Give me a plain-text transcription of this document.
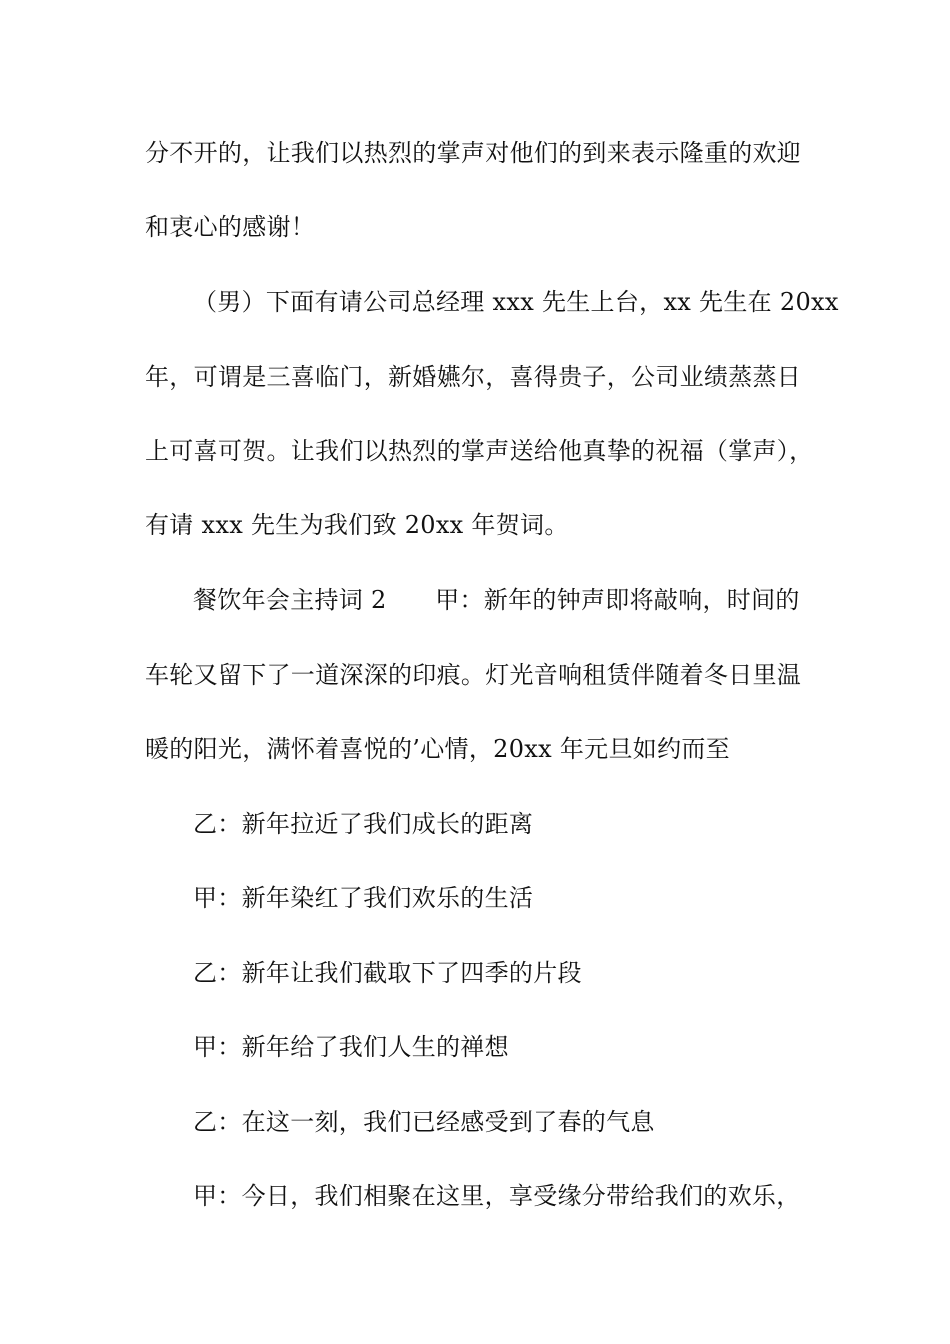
分不开的，让我们以热烈的掌声对他们的到来表示隆重的欢迎
和衷心的感谢！
（男）下面有请公司总经理 xxx 先生上台，xx 先生在 20xx
年，可谓是三喜临门，新婚嬿尔，喜得贵子，公司业绩蒸蒸日
上可喜可贺。让我们以热烈的掌声送给他真挚的祝福（掌声），
有请 xxx 先生为我们致 20xx 年贺词。
餐饮年会主持词 2　　甲：新年的钟声即将敲响，时间的
车轮又留下了一道深深的印痕。灯光音响租赁伴随着冬日里温
暖的阳光，满怀着喜悦的’心情，20xx 年元旦如约而至
乙：新年拉近了我们成长的距离
甲：新年染红了我们欢乐的生活
乙：新年让我们截取下了四季的片段
甲：新年给了我们人生的禅想
乙：在这一刻，我们已经感受到了春的气息
甲：今日，我们相聚在这里，享受缘分带给我们的欢乐，
